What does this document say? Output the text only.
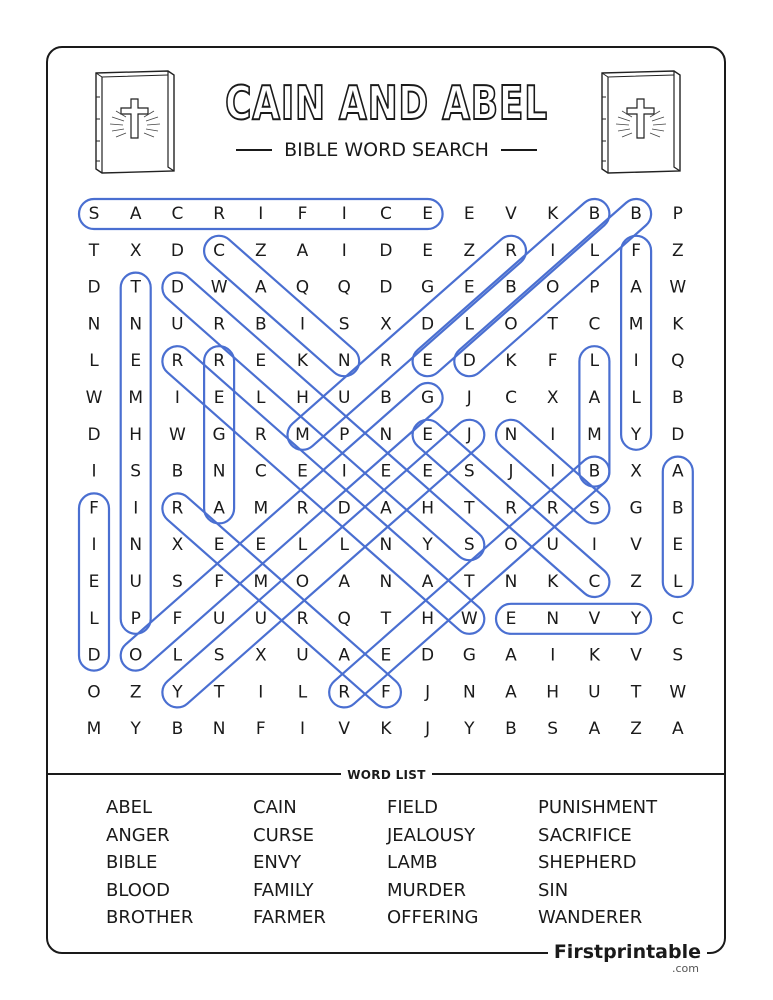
CAIN AND ABEL
BIBLE WORD SEARCH
S A C R I F I C E E V K B B P
T X D C Z A I D E Z R I L F Z
D T D W A Q Q D G E B O P A W
N N U R B I S X D L O T C M K
L E R R E K N R E D K F L I Q
W M I E L H U B G J C X A L B
D H W G R M P N E J N I M Y D
I S B N C E I E E S J I B X A
F I R A M R D A H T R R S G B
I N X E E L L N Y S O U I V E
E U S F M O A N A T N K C Z L
L P F U U R Q T H W E N V Y C
D O L S X U A E D G A I K V S
O Z Y T I L R F J N A H U T W
M Y B N F I V K J Y B S A Z A
WORD LIST
ABEL	CAIN	FIELD	PUNISHMENT
ANGER	CURSE	JEALOUSY	SACRIFICE
BIBLE	ENVY	LAMB	SHEPHERD
BLOOD	FAMILY	MURDER	SIN
BROTHER	FARMER	OFFERING	WANDERER
Firstprintable
.com
